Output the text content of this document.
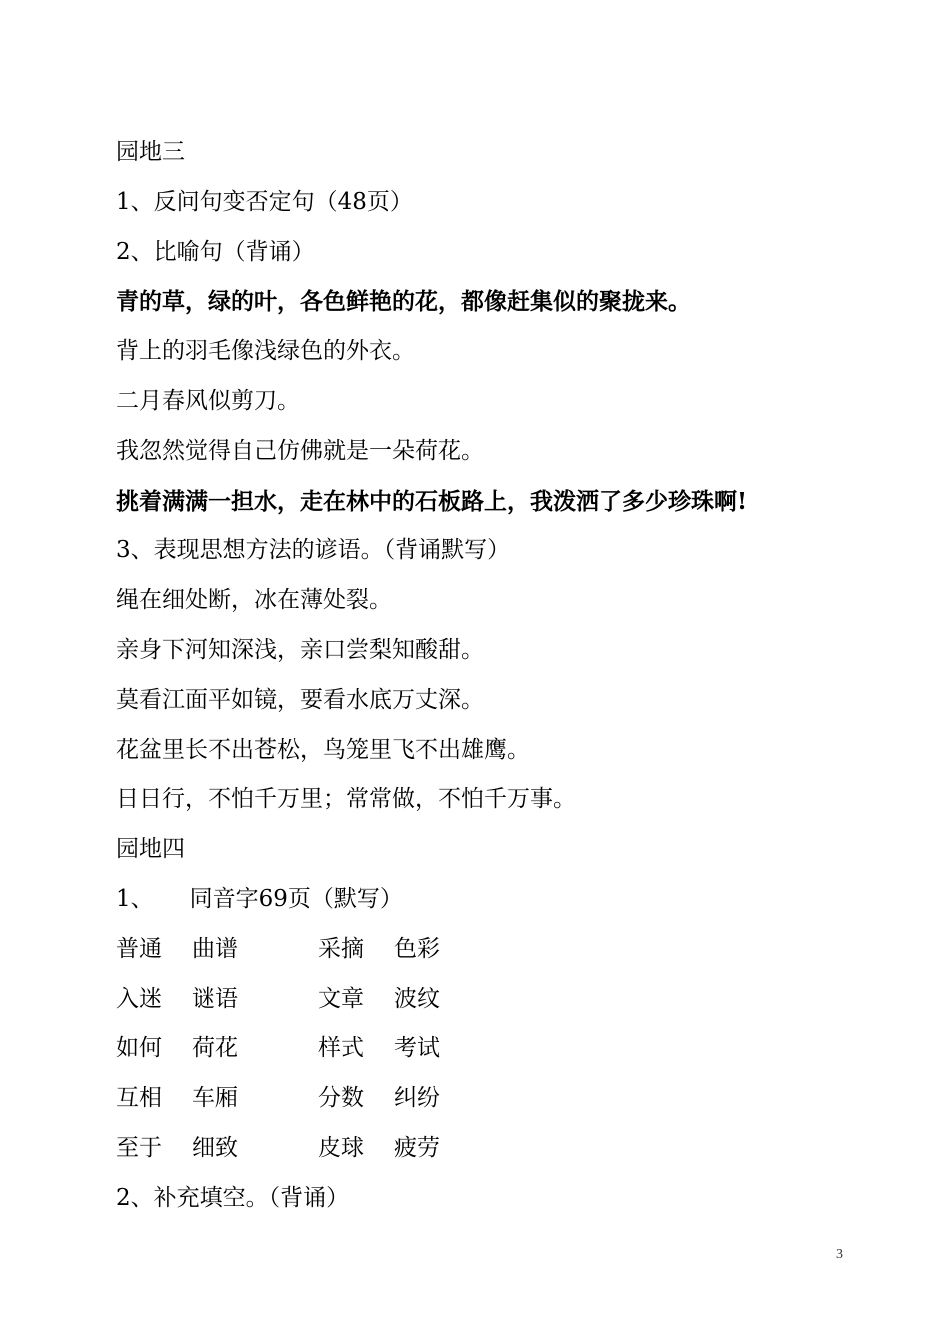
园地三
1、反问句变否定句（48页）
2、比喻句（背诵）
青的草，绿的叶，各色鲜艳的花，都像赶集似的聚拢来。
背上的羽毛像浅绿色的外衣。
二月春风似剪刀。
我忽然觉得自己仿佛就是一朵荷花。
挑着满满一担水，走在林中的石板路上，我泼洒了多少珍珠啊!
3、表现思想方法的谚语。（背诵默写）
绳在细处断，冰在薄处裂。
亲身下河知深浅，亲口尝梨知酸甜。
莫看江面平如镜，要看水底万丈深。
花盆里长不出苍松，鸟笼里飞不出雄鹰。
日日行，不怕千万里；常常做，不怕千万事。
园地四
1、 同音字69页（默写）
普通	曲谱	采摘	色彩
入迷	谜语	文章	波纹
如何	荷花	样式	考试
互相	车厢	分数	纠纷
至于	细致	皮球	疲劳
2、补充填空。（背诵）
3
